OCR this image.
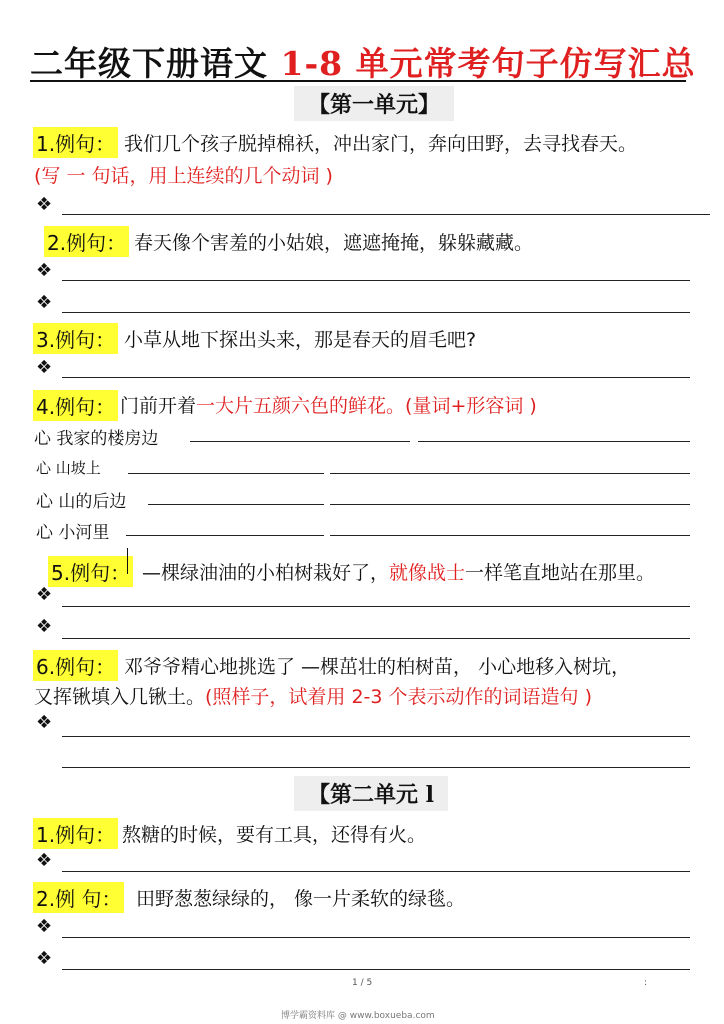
二年级下册语文 1-8 单元常考句子仿写汇总
【第一单元】
1.例句： 我们几个孩子脱掉棉袄，冲出家门，奔向田野，去寻找春天。
(写 一 句话，用上连续的几个动词 )
❖
2.例句： 春天像个害羞的小姑娘，遮遮掩掩，躲躲藏藏。
❖
❖
3.例句： 小草从地下探出头来，那是春天的眉毛吧?
❖
4.例句： 门前开着一大片五颜六色的鲜花。(量词+形容词 )
心 我家的楼房边
心 山坡上
心 山的后边
心 小河里
5.例句： —棵绿油油的小柏树栽好了，就像战士一样笔直地站在那里。
❖
❖
6.例句： 邓爷爷精心地挑选了 —棵茁壮的柏树苗， 小心地移入树坑，
又挥锹填入几锹土。(照样子，试着用 2-3 个表示动作的词语造句 )
❖
【第二单元 l
1.例句： 熬糖的时候，要有工具，还得有火。
❖
2.例 句： 田野葱葱绿绿的， 像一片柔软的绿毯。
❖
❖
1 / 5	:
博学霸资料库 @ www.boxueba.com
